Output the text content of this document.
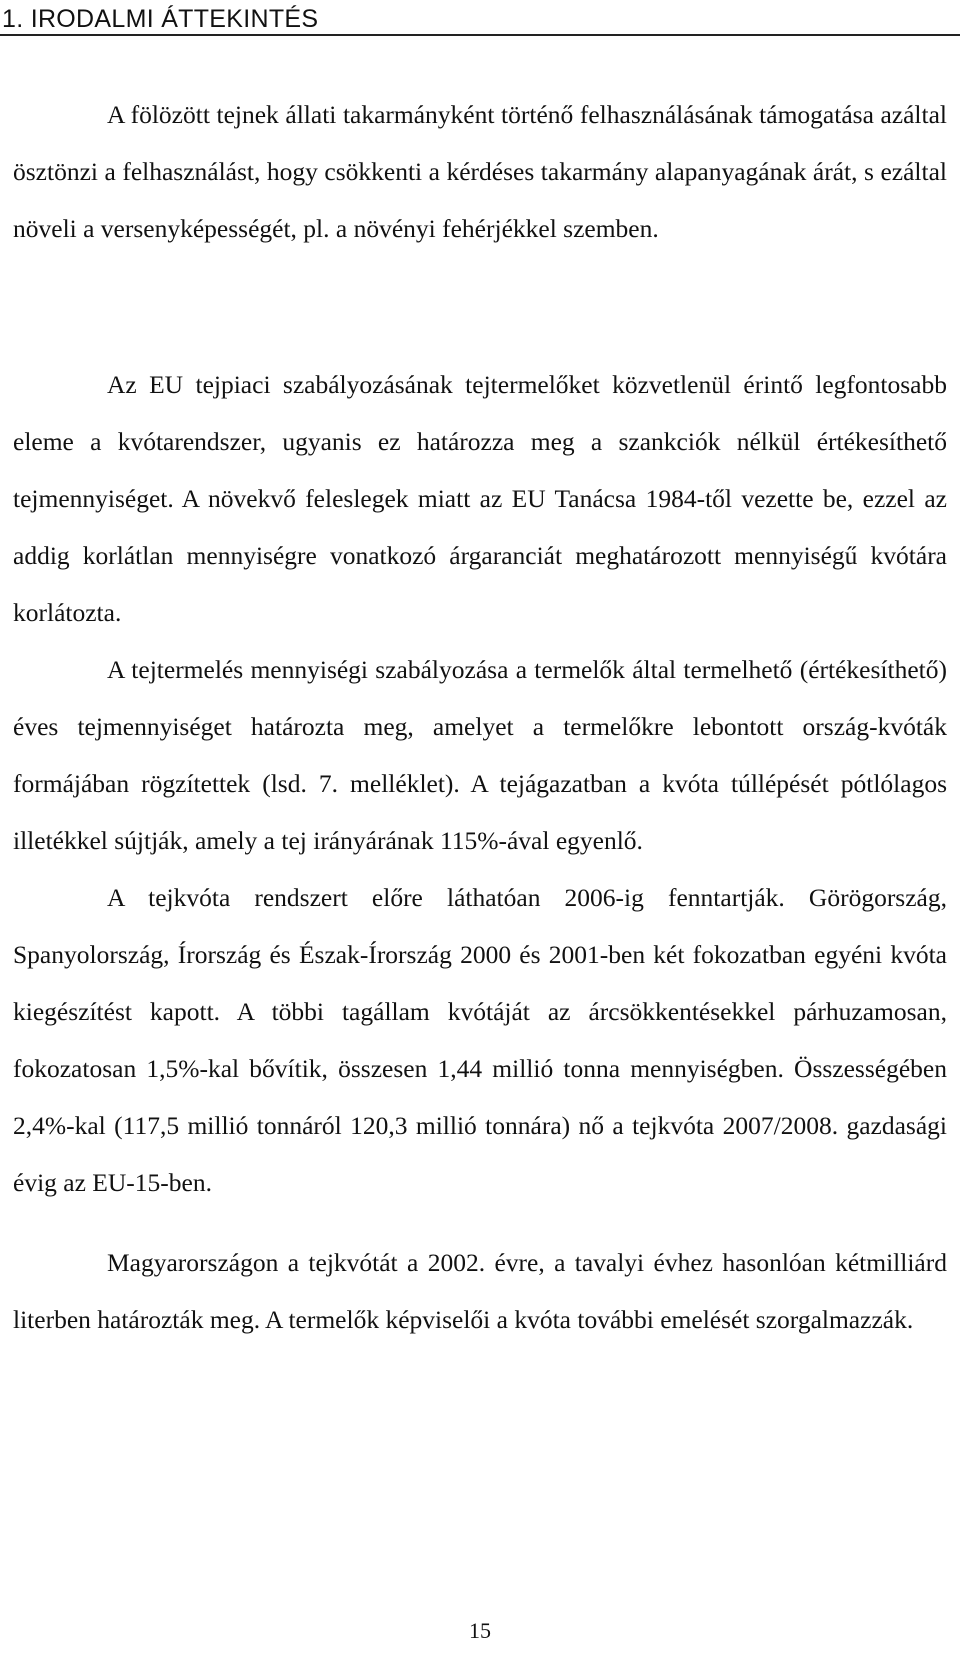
1. IRODALMI ÁTTEKINTÉS

A fölözött tejnek állati takarmányként történő felhasználásának támogatása azáltal ösztönzi a felhasználást, hogy csökkenti a kérdéses takarmány alapanyagának árát, s ezáltal növeli a versenyképességét, pl. a növényi fehérjékkel szemben.

Az EU tejpiaci szabályozásának tejtermelőket közvetlenül érintő legfontosabb eleme a kvótarendszer, ugyanis ez határozza meg a szankciók nélkül értékesíthető tejmennyiséget. A növekvő feleslegek miatt az EU Tanácsa 1984-től vezette be, ezzel az addig korlátlan mennyiségre vonatkozó árgaranciát meghatározott mennyiségű kvótára korlátozta.

A tejtermelés mennyiségi szabályozása a termelők által termelhető (értékesíthető) éves tejmennyiséget határozta meg, amelyet a termelőkre lebontott ország-kvóták formájában rögzítettek (lsd. 7. melléklet). A tejágazatban a kvóta túllépését pótlólagos illetékkel sújtják, amely a tej irányárának 115%-ával egyenlő.

A tejkvóta rendszert előre láthatóan 2006-ig fenntartják. Görögország, Spanyolország, Írország és Észak-Írország 2000 és 2001-ben két fokozatban egyéni kvóta kiegészítést kapott. A többi tagállam kvótáját az árcsökkentésekkel párhuzamosan, fokozatosan 1,5%-kal bővítik, összesen 1,44 millió tonna mennyiségben. Összességében 2,4%-kal (117,5 millió tonnáról 120,3 millió tonnára) nő a tejkvóta 2007/2008. gazdasági évig az EU-15-ben.

Magyarországon a tejkvótát a 2002. évre, a tavalyi évhez hasonlóan kétmilliárd literben határozták meg. A termelők képviselői a kvóta további emelését szorgalmazzák.

15
